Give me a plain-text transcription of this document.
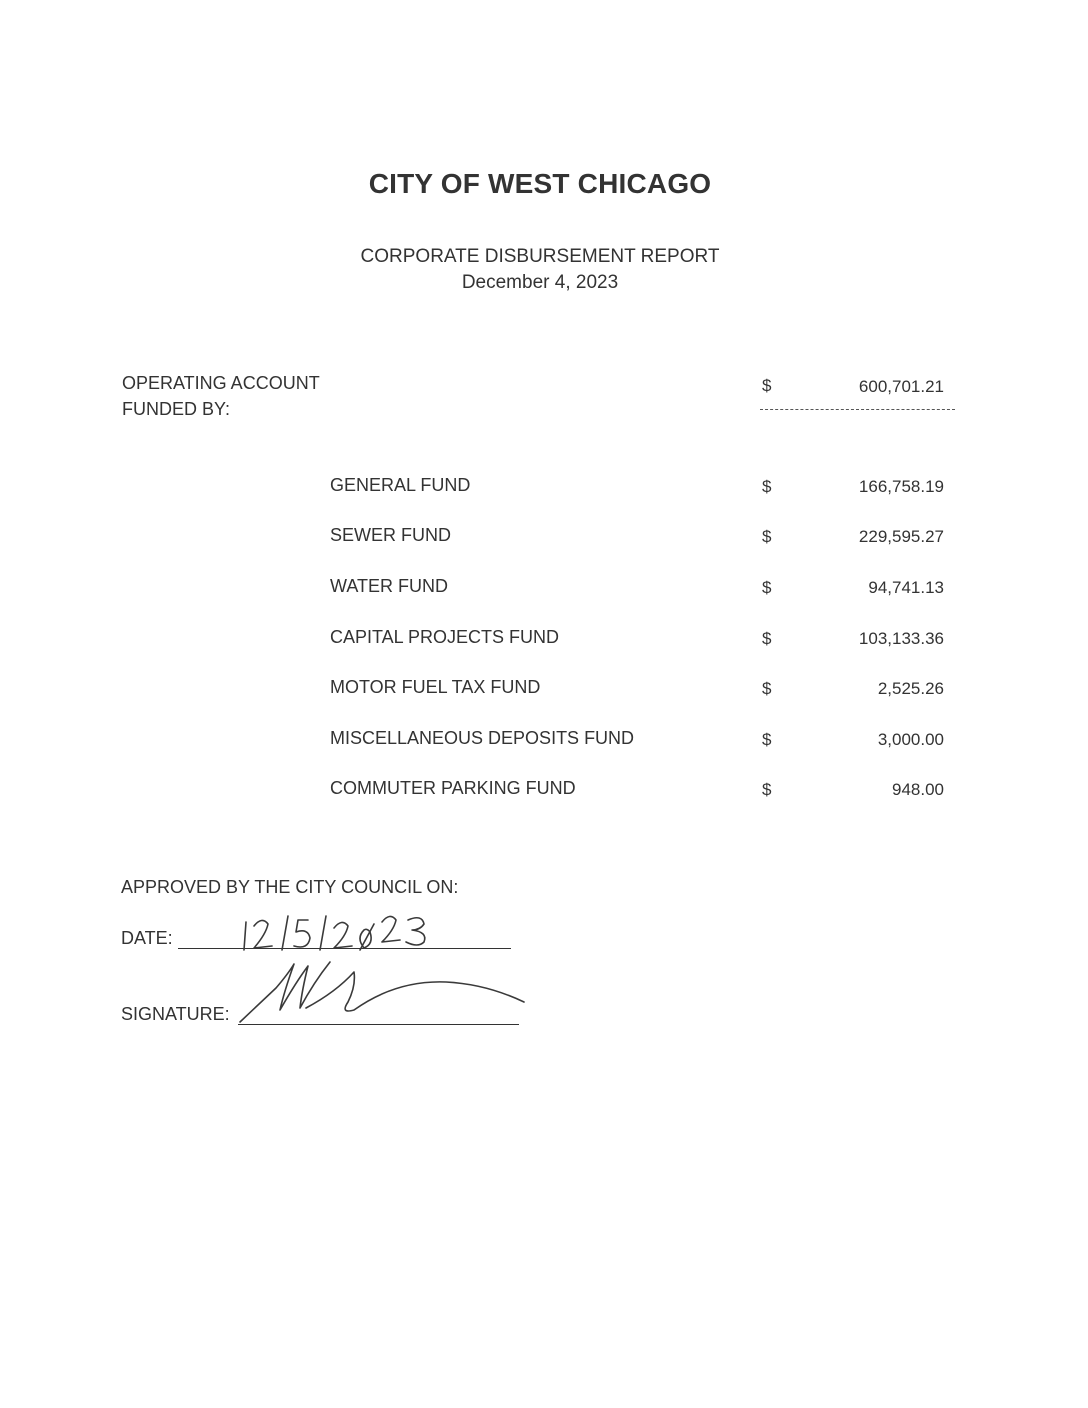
CITY OF WEST CHICAGO
CORPORATE DISBURSEMENT REPORT
December 4, 2023
OPERATING ACCOUNT
FUNDED BY:
$	600,701.21
GENERAL FUND	$	166,758.19
SEWER FUND	$	229,595.27
WATER FUND	$	94,741.13
CAPITAL PROJECTS FUND	$	103,133.36
MOTOR FUEL TAX FUND	$	2,525.26
MISCELLANEOUS DEPOSITS FUND	$	3,000.00
COMMUTER PARKING FUND	$	948.00
APPROVED BY THE CITY COUNCIL ON:
DATE:
SIGNATURE:
